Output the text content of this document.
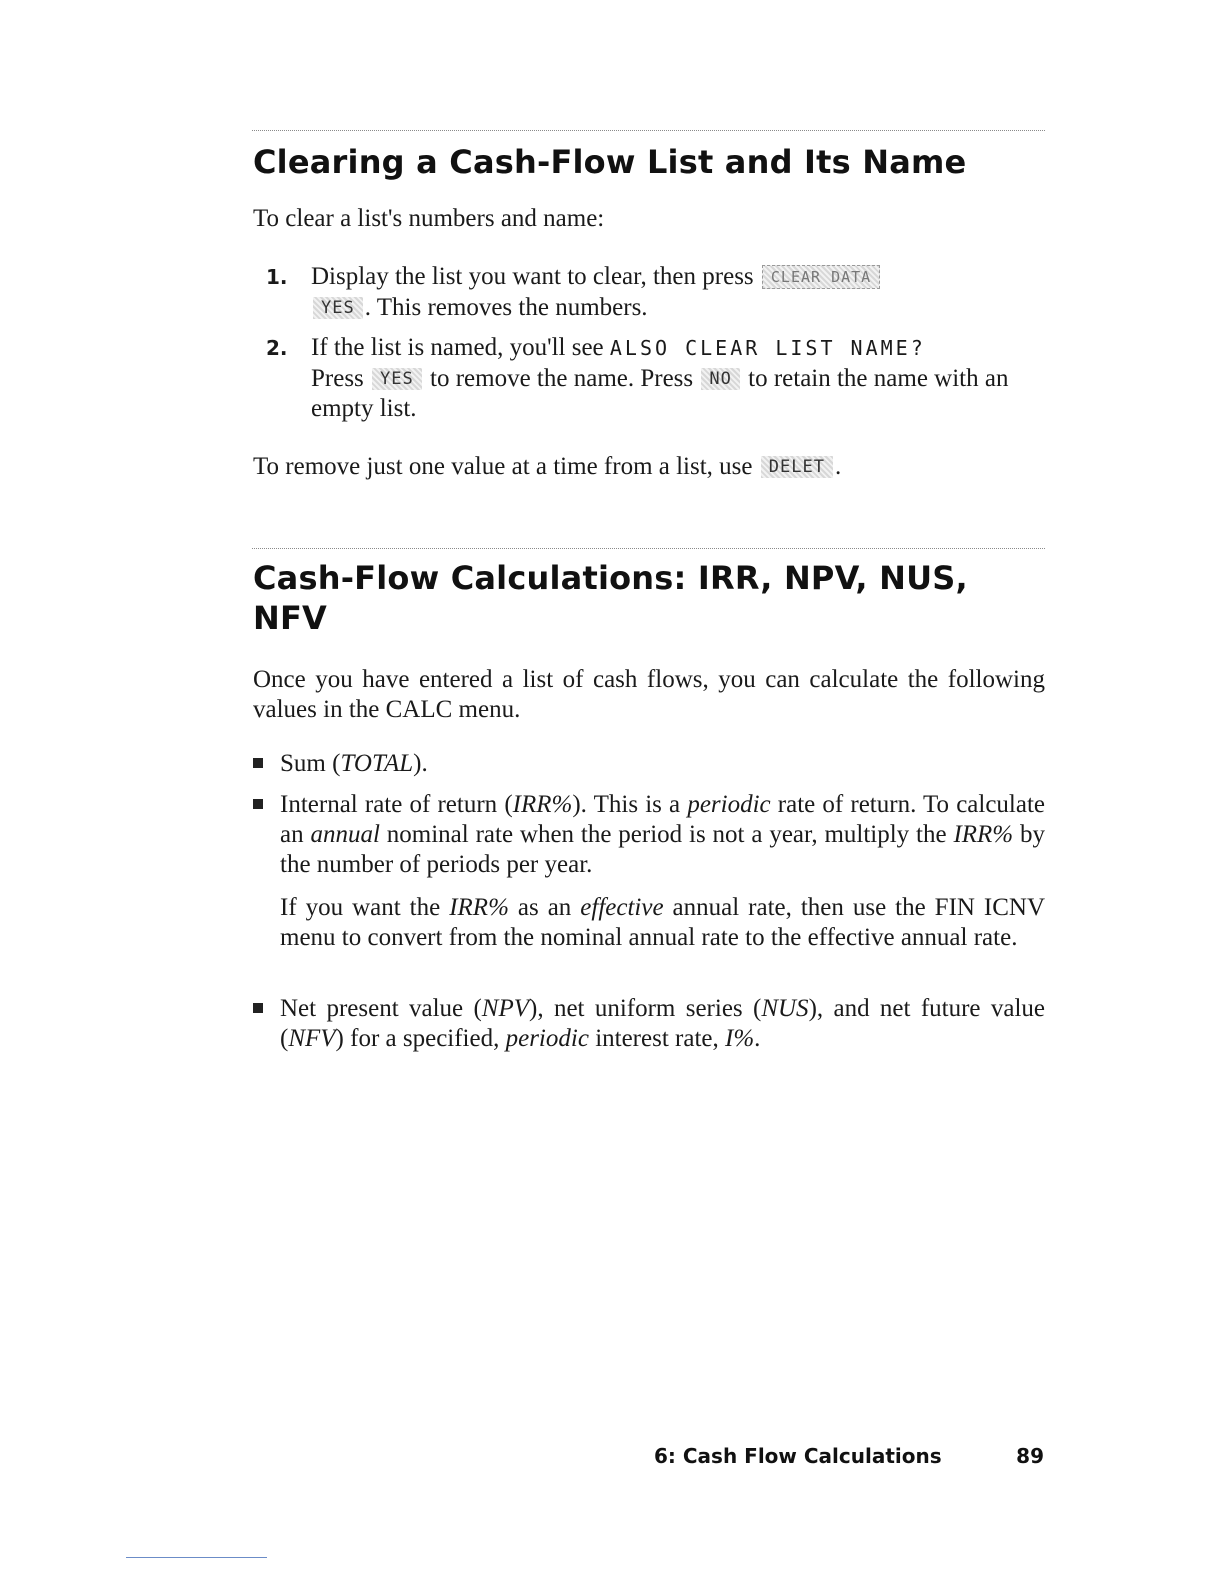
Clearing a Cash-Flow List and Its Name

To clear a list's numbers and name:

1. Display the list you want to clear, then press CLEAR DATA
YES . This removes the numbers.
2. If the list is named, you'll see ALSO CLEAR LIST NAME?
Press YES to remove the name. Press NO to retain the name with an empty list.

To remove just one value at a time from a list, use DELET .

Cash-Flow Calculations: IRR, NPV, NUS, NFV

Once you have entered a list of cash flows, you can calculate the following values in the CALC menu.

Sum (TOTAL).
Internal rate of return (IRR%). This is a periodic rate of return. To calculate an annual nominal rate when the period is not a year, multiply the IRR% by the number of periods per year.
If you want the IRR% as an effective annual rate, then use the FIN ICNV menu to convert from the nominal annual rate to the effective annual rate.
Net present value (NPV), net uniform series (NUS), and net future value (NFV) for a specified, periodic interest rate, I%.
6: Cash Flow Calculations	89
